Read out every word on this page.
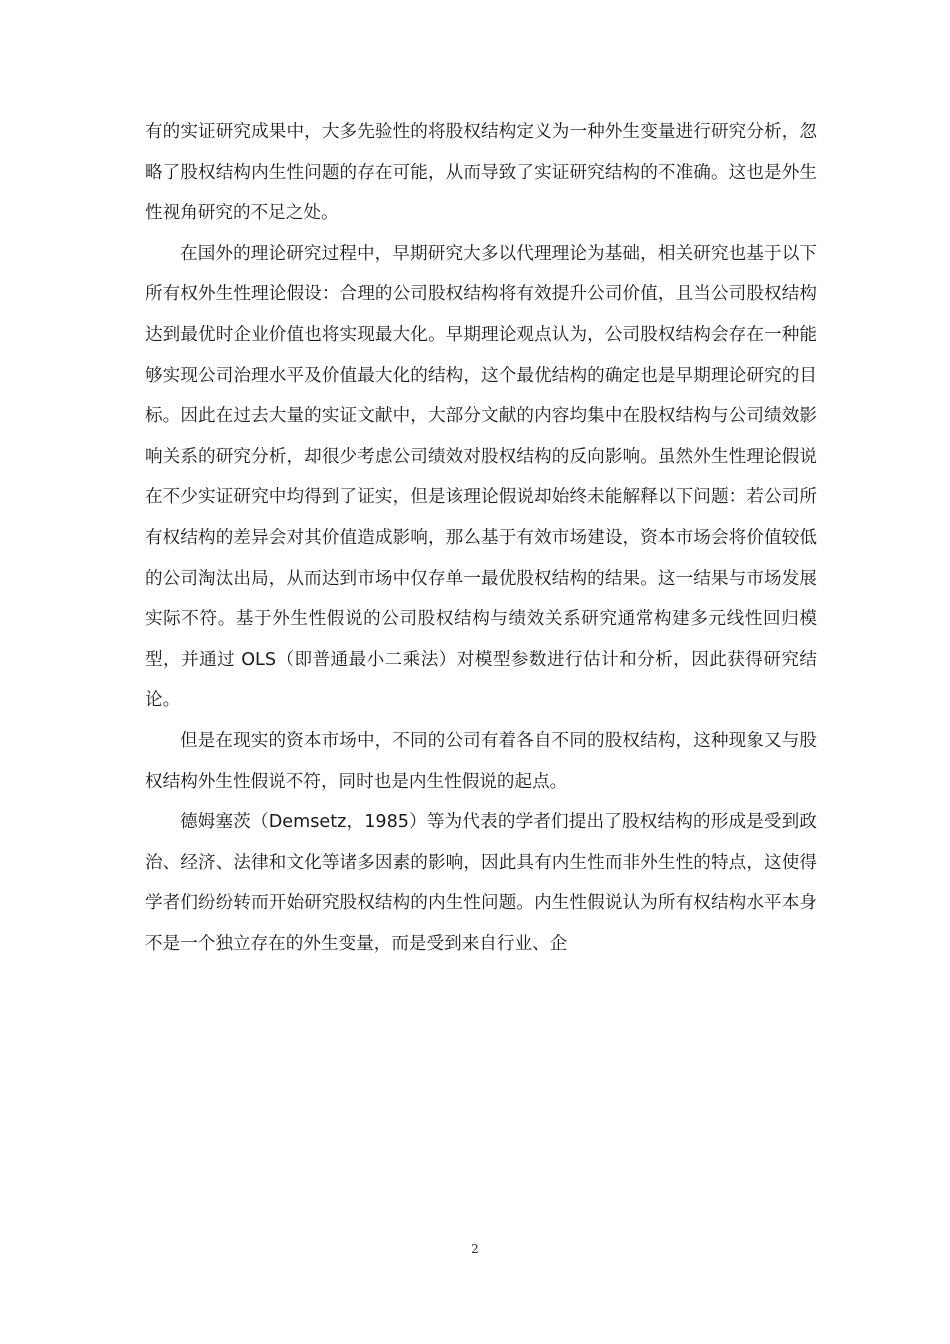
有的实证研究成果中，大多先验性的将股权结构定义为一种外生变量进行研究分析，忽略了股权结构内生性问题的存在可能，从而导致了实证研究结构的不准确。这也是外生性视角研究的不足之处。

在国外的理论研究过程中，早期研究大多以代理理论为基础，相关研究也基于以下所有权外生性理论假设：合理的公司股权结构将有效提升公司价值，且当公司股权结构达到最优时企业价值也将实现最大化。早期理论观点认为，公司股权结构会存在一种能够实现公司治理水平及价值最大化的结构，这个最优结构的确定也是早期理论研究的目标。因此在过去大量的实证文献中，大部分文献的内容均集中在股权结构与公司绩效影响关系的研究分析，却很少考虑公司绩效对股权结构的反向影响。虽然外生性理论假说在不少实证研究中均得到了证实，但是该理论假说却始终未能解释以下问题：若公司所有权结构的差异会对其价值造成影响，那么基于有效市场建设，资本市场会将价值较低的公司淘汰出局，从而达到市场中仅存单一最优股权结构的结果。这一结果与市场发展实际不符。基于外生性假说的公司股权结构与绩效关系研究通常构建多元线性回归模型，并通过 OLS（即普通最小二乘法）对模型参数进行估计和分析，因此获得研究结论。

但是在现实的资本市场中，不同的公司有着各自不同的股权结构，这种现象又与股权结构外生性假说不符，同时也是内生性假说的起点。

德姆塞茨（Demsetz，1985）等为代表的学者们提出了股权结构的形成是受到政治、经济、法律和文化等诸多因素的影响，因此具有内生性而非外生性的特点，这使得学者们纷纷转而开始研究股权结构的内生性问题。内生性假说认为所有权结构水平本身不是一个独立存在的外生变量，而是受到来自行业、企

2
